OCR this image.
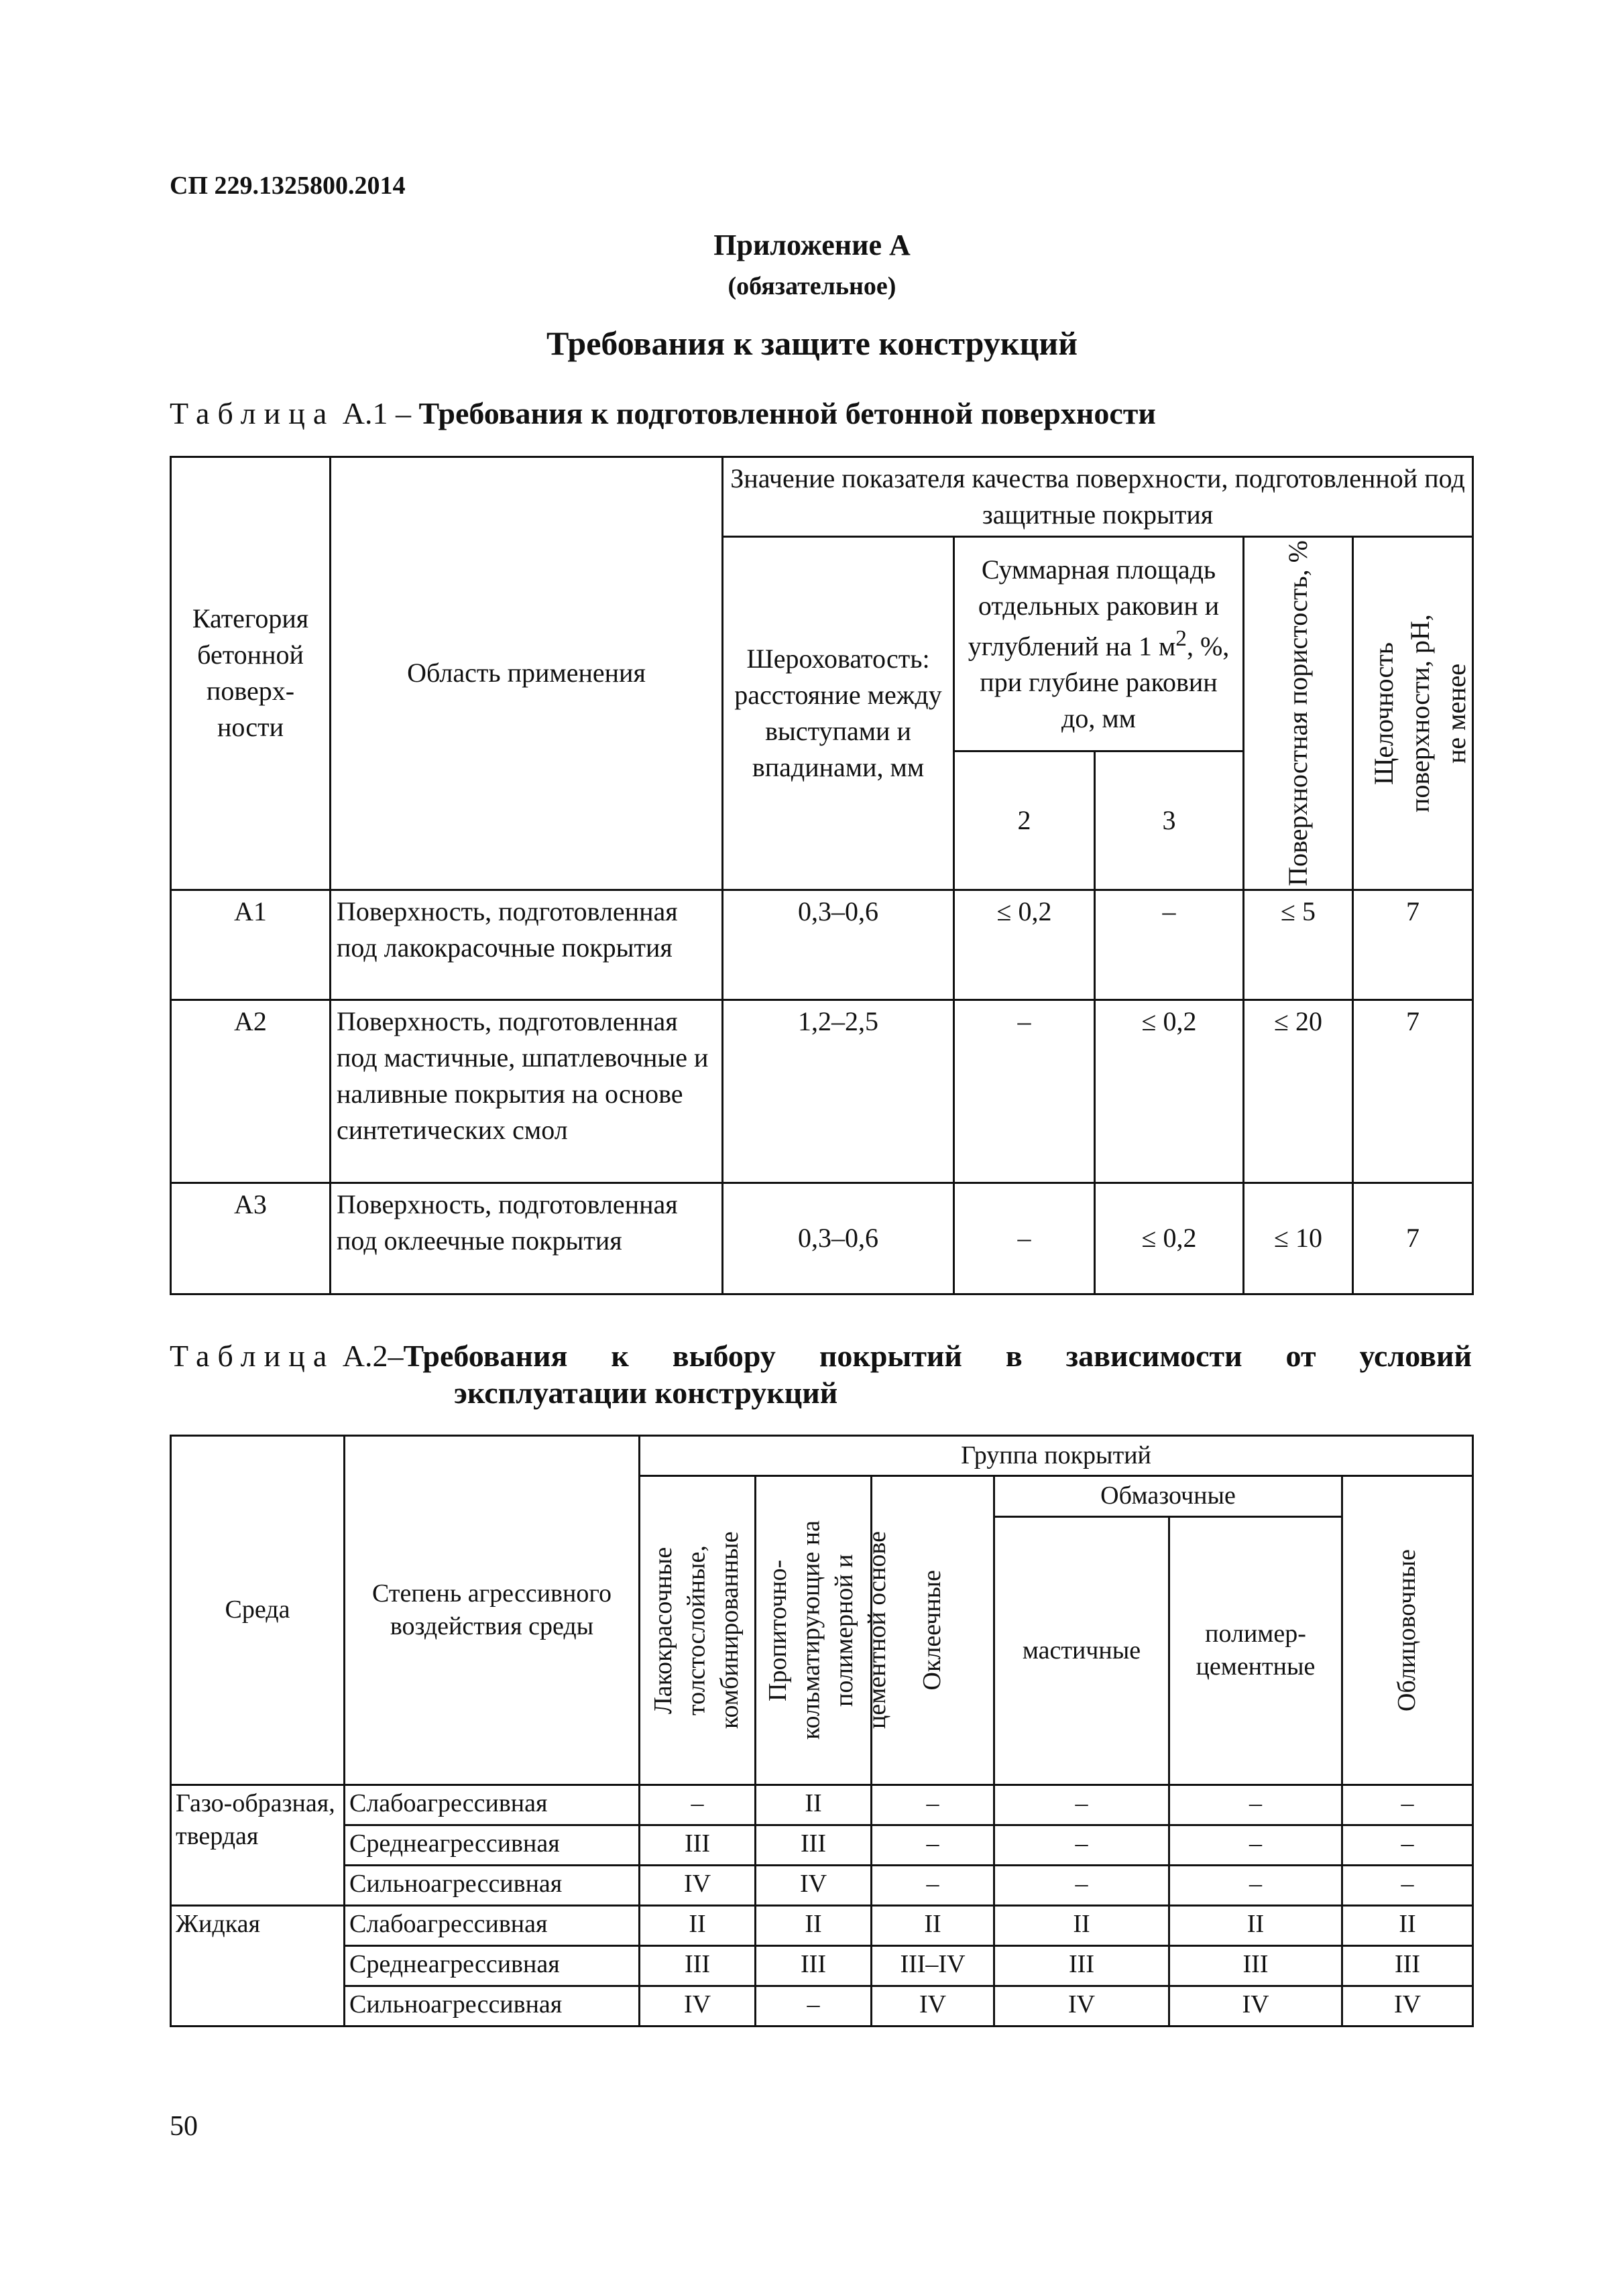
СП 229.1325800.2014
Приложение А
(обязательное)
Требования к защите конструкций
Таблица А.1 – Требования к подготовленной бетонной поверхности
Категория бетонной поверх-ности	Область применения	Значение показателя качества поверхности, подготовленной под защитные покрытия				
		Шероховатость: расстояние между выступами и впадинами, мм	Суммарная площадь отдельных раковин и углублений на 1 $м^2$, %, при глубине раковин до, мм		Поверхностная пористость, %	Щелочность поверхности, pH, не менее

			2	3		
А1	Поверхность, подготовленная под лакокрасочные покрытия	0,3–0,6	≤ 0,2	–	≤ 5	7
А2	Поверхность, подготовленная под мастичные, шпатлевочные и наливные покрытия на основе синтетических смол	1,2–2,5	–	≤ 0,2	≤ 20	7
А3	Поверхность, подготовленная под оклеечные покрытия	0,3–0,6	–	≤ 0,2	≤ 10	7
Таблица А.2–Требования к выбору покрытий в зависимости от условий
эксплуатации конструкций
Среда	Степень агрессивного воздействия среды	Группа покрытий					

		Лакокрасочные толстослойные, комбинированные	Пропиточно-кольматирующие на полимерной и цементной основе	Оклеечные	Обмазочные		Облицовочные

					мастичные	полимер-цементные	
Газо-образная, твердая	Слабоагрессивная	–	II	–	–	–	–
	Среднеагрессивная	III	III	–	–	–	–
	Сильноагрессивная	IV	IV	–	–	–	–
Жидкая	Слабоагрессивная	II	II	II	II	II	II
	Среднеагрессивная	III	III	III–IV	III	III	III
	Сильноагрессивная	IV	–	IV	IV	IV	IV
50
